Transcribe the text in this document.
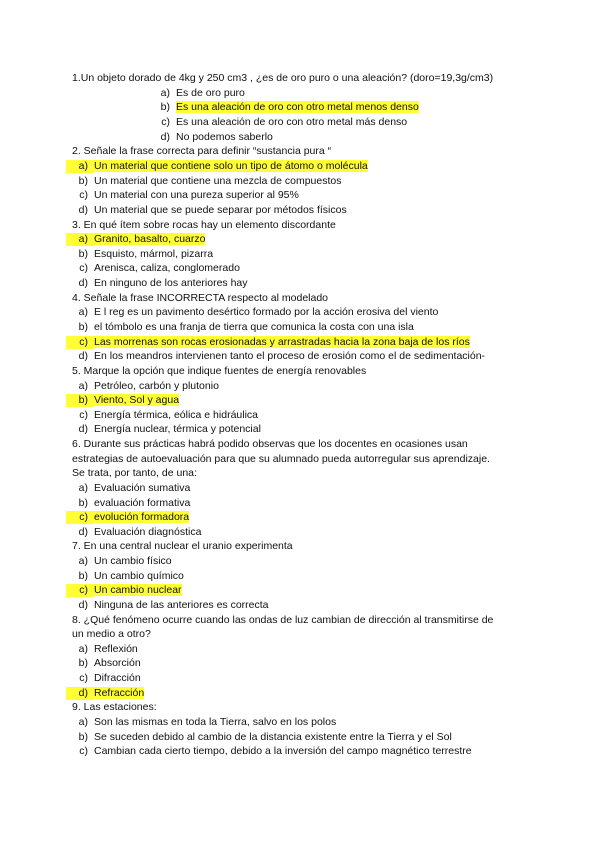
1.Un objeto dorado de 4kg y 250 cm3 , ¿es de oro puro o una aleación? (doro=19,3g/cm3)
a) Es de oro puro
b) Es una aleación de oro con otro metal menos denso
c) Es una aleación de oro con otro metal más denso
d) No podemos saberlo
2. Señale la frase correcta para definir “sustancia pura “
a) Un material que contiene solo un tipo de átomo o molécula
b) Un material que contiene una mezcla de compuestos
c) Un material con una pureza superior al 95%
d) Un material que se puede separar por métodos físicos
3. En qué ítem sobre rocas hay un elemento discordante
a) Granito, basalto, cuarzo
b) Esquisto, mármol, pizarra
c) Arenisca, caliza, conglomerado
d) En ninguno de los anteriores hay
4. Señale la frase INCORRECTA respecto al modelado
a) E l reg es un pavimento desértico formado por la acción erosiva del viento
b) el tómbolo es una franja de tierra que comunica la costa con una isla
c) Las morrenas son rocas erosionadas y arrastradas hacia la zona baja de los ríos
d) En los meandros intervienen tanto el proceso de erosión como el de sedimentación-
5. Marque la opción que indique fuentes de energía renovables
a) Petróleo, carbón y plutonio
b) Viento, Sol y agua
c) Energía térmica, eólica e hidráulica
d) Energía nuclear, térmica y potencial
6. Durante sus prácticas habrá podido observas que los docentes en ocasiones usan
estrategias de autoevaluación para que su alumnado pueda autorregular sus aprendizaje.
Se trata, por tanto, de una:
a) Evaluación sumativa
b) evaluación formativa
c) evolución formadora
d) Evaluación diagnóstica
7. En una central nuclear el uranio experimenta
a) Un cambio físico
b) Un cambio químico
c) Un cambio nuclear
d) Ninguna de las anteriores es correcta
8. ¿Qué fenómeno ocurre cuando las ondas de luz cambian de dirección al transmitirse de
un medio a otro?
a) Reflexión
b) Absorción
c) Difracción
d) Refracción
9. Las estaciones:
a) Son las mismas en toda la Tierra, salvo en los polos
b) Se suceden debido al cambio de la distancia existente entre la Tierra y el Sol
c) Cambian cada cierto tiempo, debido a la inversión del campo magnético terrestre
